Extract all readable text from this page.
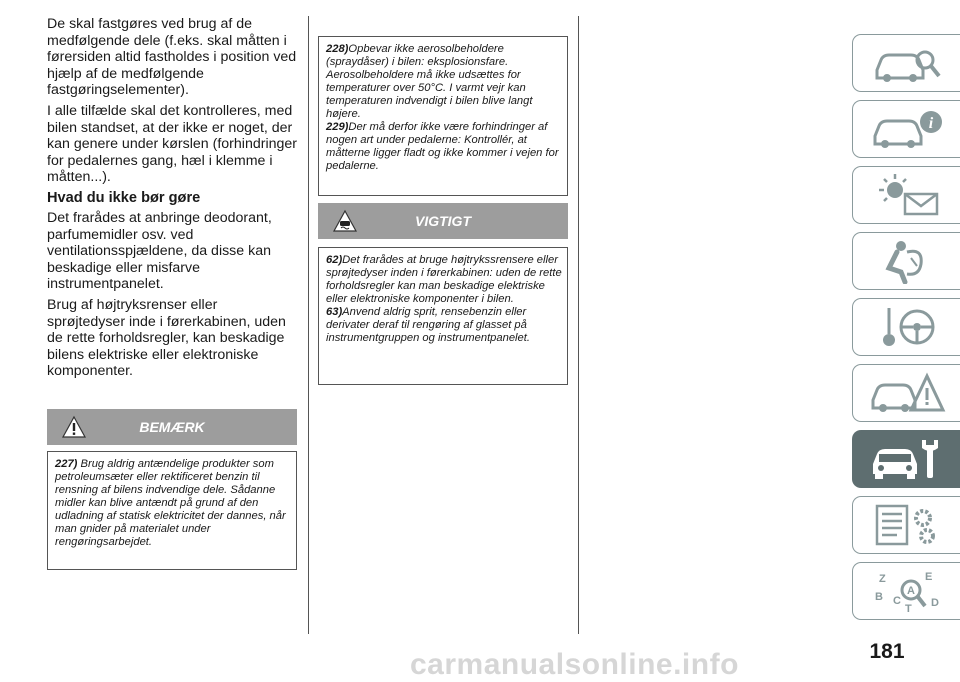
De skal fastgøres ved brug af de medfølgende dele (f.eks. skal måtten i førersiden altid fastholdes i position ved hjælp af de medfølgende fastgøringselementer).

I alle tilfælde skal det kontrolleres, med bilen standset, at der ikke er noget, der kan genere under kørslen (forhindringer for pedalernes gang, hæl i klemme i måtten...).

Hvad du ikke bør gøre

Det frarådes at anbringe deodorant, parfumemidler osv. ved ventilationsspjældene, da disse kan beskadige eller misfarve instrumentpanelet.

Brug af højtryksrenser eller sprøjtedyser inde i førerkabinen, uden de rette forholdsregler, kan beskadige bilens elektriske eller elektroniske komponenter.

BEMÆRK

227) Brug aldrig antændelige produkter som petroleumsæter eller rektificeret benzin til rensning af bilens indvendige dele. Sådanne midler kan blive antændt på grund af den udladning af statisk elektricitet der dannes, når man gnider på materialet under rengøringsarbejdet.

228)Opbevar ikke aerosolbeholdere (spraydåser) i bilen: eksplosionsfare. Aerosolbeholdere må ikke udsættes for temperaturer over 50°C. I varmt vejr kan temperaturen indvendigt i bilen blive langt højere.

229)Der må derfor ikke være forhindringer af nogen art under pedalerne: Kontrollér, at måtterne ligger fladt og ikke kommer i vejen for pedalerne.

VIGTIGT

62)Det frarådes at bruge højtrykssrensere eller sprøjtedyser inden i førerkabinen: uden de rette forholdsregler kan man beskadige elektriske eller elektroniske komponenter i bilen.

63)Anvend aldrig sprit, rensebenzin eller derivater deraf til rengøring af glasset på instrumentgruppen og instrumentpanelet.

i
Z	E
B C	D
T
A
181
carmanualsonline.info
